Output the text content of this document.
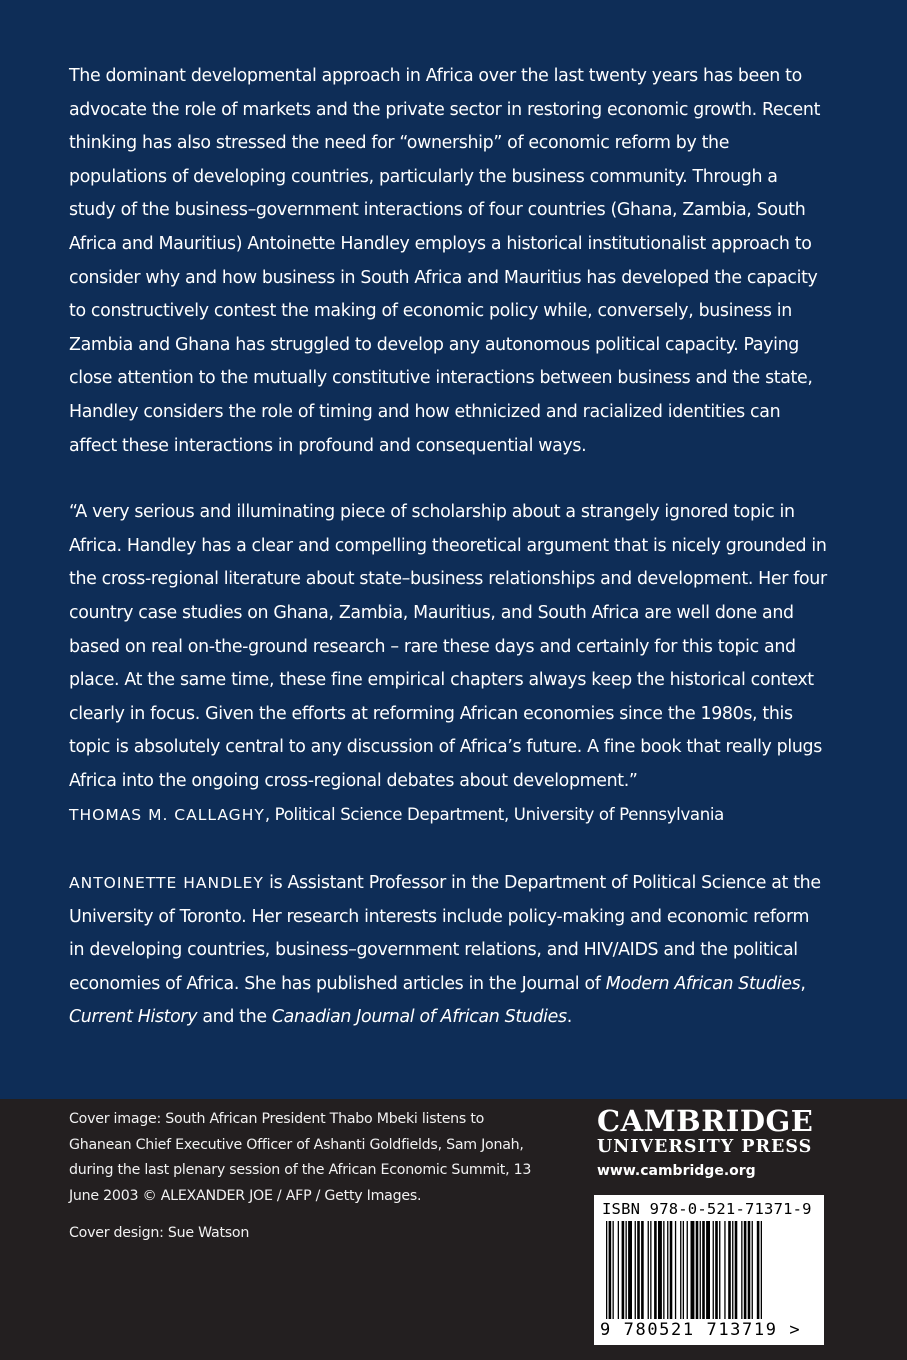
The dominant developmental approach in Africa over the last twenty years has been to advocate the role of markets and the private sector in restoring economic growth. Recent thinking has also stressed the need for “ownership” of economic reform by the populations of developing countries, particularly the business community. Through a study of the business–government interactions of four countries (Ghana, Zambia, South Africa and Mauritius) Antoinette Handley employs a historical institutionalist approach to consider why and how business in South Africa and Mauritius has developed the capacity to constructively contest the making of economic policy while, conversely, business in Zambia and Ghana has struggled to develop any autonomous political capacity. Paying close attention to the mutually constitutive interactions between business and the state, Handley considers the role of timing and how ethnicized and racialized identities can affect these interactions in profound and consequential ways.

“A very serious and illuminating piece of scholarship about a strangely ignored topic in Africa. Handley has a clear and compelling theoretical argument that is nicely grounded in the cross-regional literature about state–business relationships and development. Her four country case studies on Ghana, Zambia, Mauritius, and South Africa are well done and based on real on-the-ground research – rare these days and certainly for this topic and place. At the same time, these fine empirical chapters always keep the historical context clearly in focus. Given the efforts at reforming African economies since the 1980s, this topic is absolutely central to any discussion of Africa’s future. A fine book that really plugs Africa into the ongoing cross-regional debates about development.”

THOMAS M. CALLAGHY, Political Science Department, University of Pennsylvania

ANTOINETTE HANDLEY is Assistant Professor in the Department of Political Science at the University of Toronto. Her research interests include policy-making and economic reform in developing countries, business–government relations, and HIV/AIDS and the political economies of Africa. She has published articles in the Journal of Modern African Studies, Current History and the Canadian Journal of African Studies.

Cover image: South African President Thabo Mbeki listens to Ghanean Chief Executive Officer of Ashanti Goldfields, Sam Jonah, during the last plenary session of the African Economic Summit, 13 June 2003 © ALEXANDER JOE / AFP / Getty Images.

Cover design: Sue Watson

CAMBRIDGE
UNIVERSITY PRESS
www.cambridge.org
ISBN 978-0-521-71371-9
9 780521 713719 >
